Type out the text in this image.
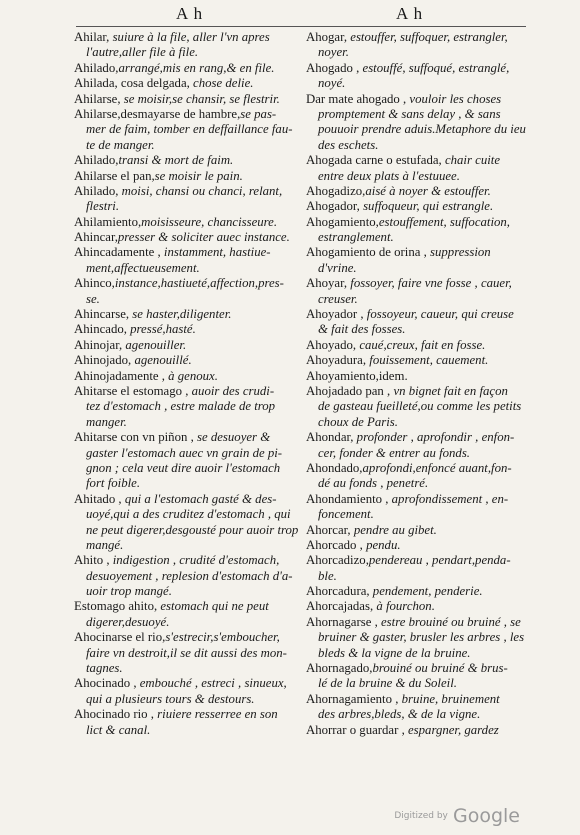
A h	A h
Ahilar, suiure à la file, aller l'vn apres
l'autre,aller file à file.
Ahilado,arrangé,mis en rang,& en file.
Ahilada, cosa delgada, chose delie.
Ahilarse, se moisir,se chansir, se flestrir.
Ahilarse,desmayarse de hambre,se pas-
mer de faim, tomber en deffaillance fau-
te de manger.
Ahilado,transi & mort de faim.
Ahilarse el pan,se moisir le pain.
Ahilado, moisi, chansi ou chanci, relant,
flestri.
Ahilamiento,moisisseure, chancisseure.
Ahincar,presser & soliciter auec instance.
Ahincadamente , instamment, hastiue-
ment,affectueusement.
Ahinco,instance,hastiueté,affection,pres-
se.
Ahincarse, se haster,diligenter.
Ahincado, pressé,hasté.
Ahinojar, agenouiller.
Ahinojado, agenouillé.
Ahinojadamente , à genoux.
Ahitarse el estomago , auoir des crudi-
tez d'estomach , estre malade de trop
manger.
Ahitarse con vn piñon , se desuoyer &
gaster l'estomach auec vn grain de pi-
gnon ; cela veut dire auoir l'estomach
fort foible.
Ahitado , qui a l'estomach gasté & des-
uoyé,qui a des cruditez d'estomach , qui
ne peut digerer,desgousté pour auoir trop
mangé.
Ahito , indigestion , crudité d'estomach,
desuoyement , replesion d'estomach d'a-
uoir trop mangé.
Estomago ahito, estomach qui ne peut
digerer,desuoyé.
Ahocinarse el rio,s'estrecir,s'emboucher,
faire vn destroit,il se dit aussi des mon-
tagnes.
Ahocinado , embouché , estreci , sinueux,
qui a plusieurs tours & destours.
Ahocinado rio , riuiere resserree en son
lict & canal.
Ahogar, estouffer, suffoquer, estrangler,
noyer.
Ahogado , estouffé, suffoqué, estranglé,
noyé.
Dar mate ahogado , vouloir les choses
promptement & sans delay , & sans
pouuoir prendre aduis.Metaphore du ieu
des eschets.
Ahogada carne o estufada, chair cuite
entre deux plats à l'estuuee.
Ahogadizo,aisé à noyer & estouffer.
Ahogador, suffoqueur, qui estrangle.
Ahogamiento,estouffement, suffocation,
estranglement.
Ahogamiento de orina , suppression
d'vrine.
Ahoyar, fossoyer, faire vne fosse , cauer,
creuser.
Ahoyador , fossoyeur, caueur, qui creuse
& fait des fosses.
Ahoyado, caué,creux, fait en fosse.
Ahoyadura, fouissement, cauement.
Ahoyamiento,idem.
Ahojadado pan , vn bignet fait en façon
de gasteau fueilleté,ou comme les petits
choux de Paris.
Ahondar, profonder , aprofondir , enfon-
cer, fonder & entrer au fonds.
Ahondado,aprofondi,enfoncé auant,fon-
dé au fonds , penetré.
Ahondamiento , aprofondissement , en-
foncement.
Ahorcar, pendre au gibet.
Ahorcado , pendu.
Ahorcadizo,pendereau , pendart,penda-
ble.
Ahorcadura, pendement, penderie.
Ahorcajadas, à fourchon.
Ahornagarse , estre brouiné ou bruiné , se
bruiner & gaster, brusler les arbres , les
bleds & la vigne de la bruine.
Ahornagado,brouiné ou bruiné & brus-
lé de la bruine & du Soleil.
Ahornagamiento , bruine, bruinement
des arbres,bleds, & de la vigne.
Ahorrar o guardar , espargner, gardez
Digitized by Google
